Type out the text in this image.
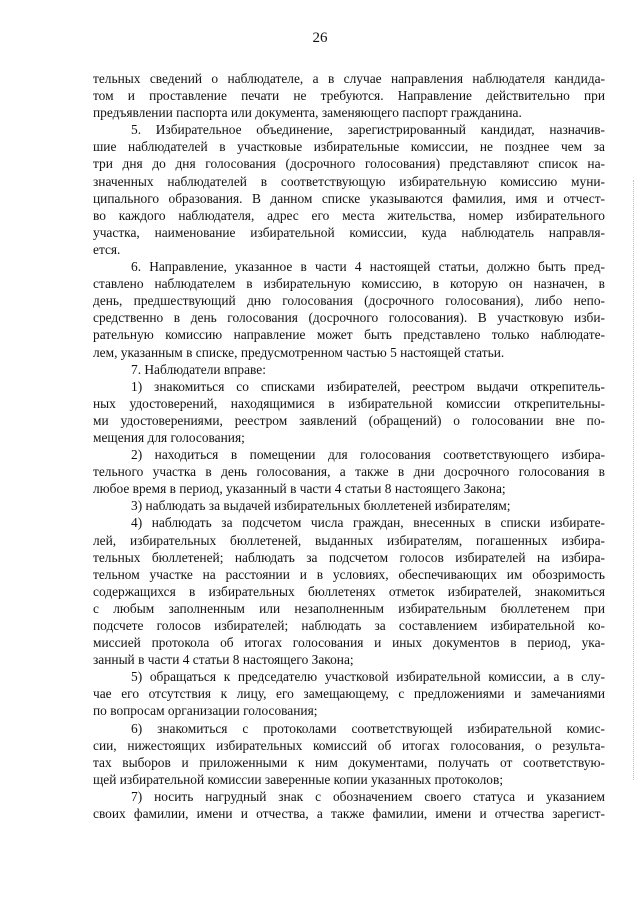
26
тельных сведений о наблюдателе, а в случае направления наблюдателя кандида-
том и проставление печати не требуются. Направление действительно при
предъявлении паспорта или документа, заменяющего паспорт гражданина.
5. Избирательное объединение, зарегистрированный кандидат, назначив-
шие наблюдателей в участковые избирательные комиссии, не позднее чем за
три дня до дня голосования (досрочного голосования) представляют список на-
значенных наблюдателей в соответствующую избирательную комиссию муни-
ципального образования. В данном списке указываются фамилия, имя и отчест-
во каждого наблюдателя, адрес его места жительства, номер избирательного
участка, наименование избирательной комиссии, куда наблюдатель направля-
ется.
6. Направление, указанное в части 4 настоящей статьи, должно быть пред-
ставлено наблюдателем в избирательную комиссию, в которую он назначен, в
день, предшествующий дню голосования (досрочного голосования), либо непо-
средственно в день голосования (досрочного голосования). В участковую изби-
рательную комиссию направление может быть представлено только наблюдате-
лем, указанным в списке, предусмотренном частью 5 настоящей статьи.
7. Наблюдатели вправе:
1) знакомиться со списками избирателей, реестром выдачи открепитель-
ных удостоверений, находящимися в избирательной комиссии открепительны-
ми удостоверениями, реестром заявлений (обращений) о голосовании вне по-
мещения для голосования;
2) находиться в помещении для голосования соответствующего избира-
тельного участка в день голосования, а также в дни досрочного голосования в
любое время в период, указанный в части 4 статьи 8 настоящего Закона;
3) наблюдать за выдачей избирательных бюллетеней избирателям;
4) наблюдать за подсчетом числа граждан, внесенных в списки избирате-
лей, избирательных бюллетеней, выданных избирателям, погашенных избира-
тельных бюллетеней; наблюдать за подсчетом голосов избирателей на избира-
тельном участке на расстоянии и в условиях, обеспечивающих им обозримость
содержащихся в избирательных бюллетенях отметок избирателей, знакомиться
с любым заполненным или незаполненным избирательным бюллетенем при
подсчете голосов избирателей; наблюдать за составлением избирательной ко-
миссией протокола об итогах голосования и иных документов в период, ука-
занный в части 4 статьи 8 настоящего Закона;
5) обращаться к председателю участковой избирательной комиссии, а в слу-
чае его отсутствия к лицу, его замещающему, с предложениями и замечаниями
по вопросам организации голосования;
6) знакомиться с протоколами соответствующей избирательной комис-
сии, нижестоящих избирательных комиссий об итогах голосования, о результа-
тах выборов и приложенными к ним документами, получать от соответствую-
щей избирательной комиссии заверенные копии указанных протоколов;
7) носить нагрудный знак с обозначением своего статуса и указанием
своих фамилии, имени и отчества, а также фамилии, имени и отчества зарегист-
